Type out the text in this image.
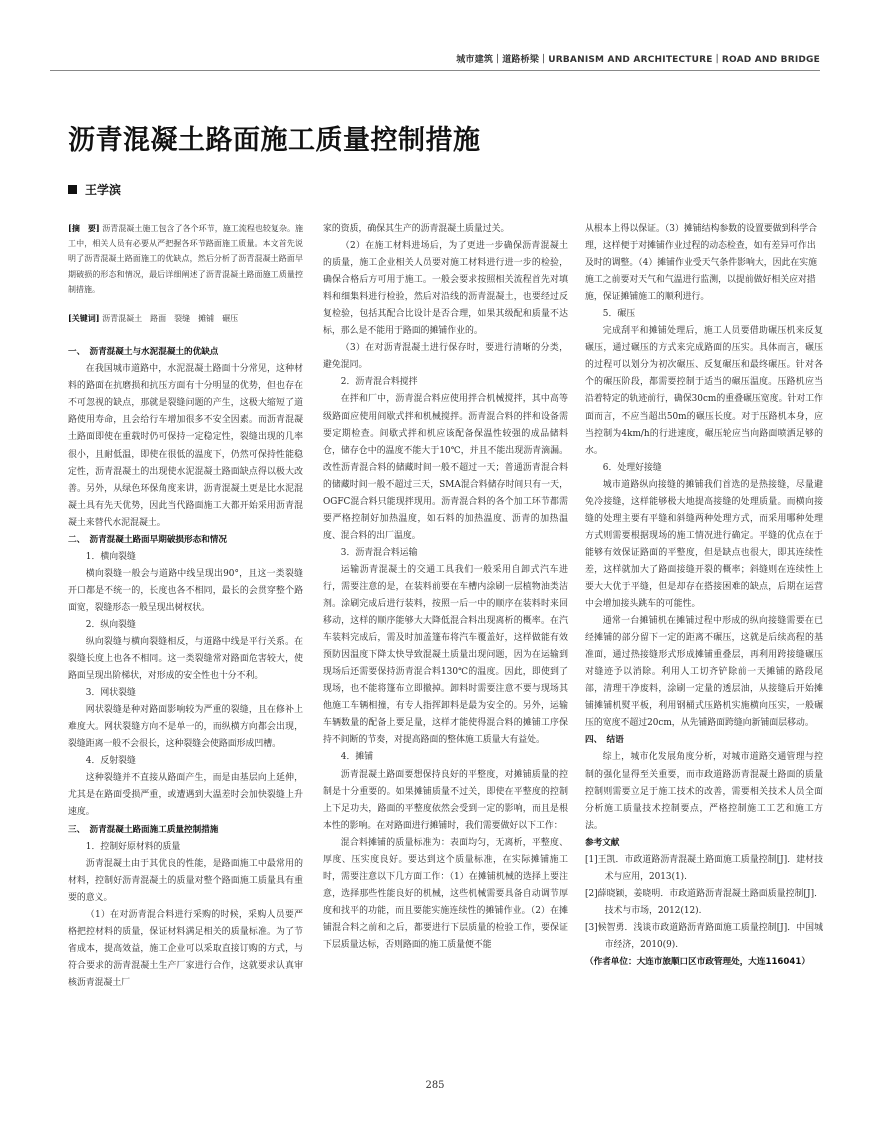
城市建筑｜道路桥梁｜URBANISM AND ARCHITECTURE｜ROAD AND BRIDGE
沥青混凝土路面施工质量控制措施
王学滨
[摘　要] 沥青混凝土施工包含了各个环节，施工流程也较复杂。施工中，相关人员有必要从严把握各环节路面施工质量。本文首先说明了沥青混凝土路面施工的优缺点，然后分析了沥青混凝土路面早期破损的形态和情况，最后详细阐述了沥青混凝土路面施工质量控制措施。
[关键词] 沥青混凝土　路面　裂缝　摊铺　碾压
一、　沥青混凝土与水泥混凝土的优缺点
在我国城市道路中，水泥混凝土路面十分常见，这种材料的路面在抗磨损和抗压方面有十分明显的优势，但也存在不可忽视的缺点，那就是裂缝问题的产生，这极大缩短了道路使用寿命，且会给行车增加很多不安全因素。而沥青混凝土路面即使在重载时仍可保持一定稳定性，裂缝出现的几率很小，且耐低温，即使在很低的温度下，仍然可保持性能稳定性，沥青混凝土的出现使水泥混凝土路面缺点得以极大改善。另外，从绿色环保角度来讲，沥青混凝土更是比水泥混凝土具有先天优势，因此当代路面施工大都开始采用沥青混凝土来替代水泥混凝土。
二、　沥青混凝土路面早期破损形态和情况
1．横向裂缝
横向裂缝一般会与道路中线呈现出90°，且这一类裂缝开口都是不统一的，长度也各不相同，最长的会贯穿整个路面宽，裂缝形态一般呈现出树杈状。
2．纵向裂缝
纵向裂缝与横向裂缝相反，与道路中线是平行关系。在裂缝长度上也各不相同。这一类裂缝常对路面危害较大，使路面呈现出阶梯状，对形成的安全性也十分不利。
3．网状裂缝
网状裂缝是种对路面影响较为严重的裂缝，且在修补上难度大。网状裂缝方向不是单一的，而纵横方向都会出现，裂缝距离一般不会很长，这种裂缝会使路面形成凹槽。
4．反射裂缝
这种裂缝并不直接从路面产生，而是由基层向上延伸，尤其是在路面受损严重，或遭遇到大温差时会加快裂缝上升速度。
三、　沥青混凝土路面施工质量控制措施
1．控制好原材料的质量
沥青混凝土由于其优良的性能，是路面施工中最常用的材料，控制好沥青混凝土的质量对整个路面施工质量具有重要的意义。
（1）在对沥青混合料进行采购的时候，采购人员要严格把控材料的质量，保证材料满足相关的质量标准。为了节省成本，提高效益，施工企业可以采取直接订购的方式，与符合要求的沥青混凝土生产厂家进行合作，这就要求认真审核沥青混凝土厂
家的资质，确保其生产的沥青混凝土质量过关。
（2）在施工材料进场后，为了更进一步确保沥青混凝土的质量，施工企业相关人员要对施工材料进行进一步的检验，确保合格后方可用于施工。一般会要求按照相关流程首先对填料和细集料进行检验，然后对沿线的沥青混凝土，也要经过反复检验，包括其配合比设计是否合理，如果其级配和质量不达标，那么是不能用于路面的摊铺作业的。
（3）在对沥青混凝土进行保存时，要进行清晰的分类，避免混同。
2．沥青混合料搅拌
在拌和厂中，沥青混合料应使用拌合机械搅拌，其中高等级路面应使用间歇式拌和机械搅拌。沥青混合料的拌和设备需要定期检查。间歇式拌和机应该配备保温性较强的成品储料仓，储存仓中的温度不能大于10℃，并且不能出现沥青滴漏。改性沥青混合料的储藏时间一般不超过一天；普通沥青混合料的储藏时间一般不超过三天，SMA混合料储存时间只有一天，OGFC混合料只能现拌现用。沥青混合料的各个加工环节都需要严格控制好加热温度，如石料的加热温度、沥青的加热温度、混合料的出厂温度。
3．沥青混合料运输
运输沥青混凝土的交通工具我们一般采用自卸式汽车进行，需要注意的是，在装料前要在车槽内涂刷一层植物油类洁剂。涂刷完成后进行装料，按照一后一中的顺序在装料时来回移动，这样的顺序能够大大降低混合料出现离析的概率。在汽车装料完成后，需及时加盖篷布将汽车覆盖好，这样做能有效预防因温度下降太快导致混凝土质量出现问题，因为在运输到现场后还需要保持沥青混合料130℃的温度。因此，即使到了现场，也不能将篷布立即撤掉。卸料时需要注意不要与现场其他施工车辆相撞，有专人指挥卸料是最为安全的。另外，运输车辆数量的配备上要足量，这样才能使得混合料的摊铺工序保持不间断的节奏，对提高路面的整体施工质量大有益处。
4．摊铺
沥青混凝土路面要想保持良好的平整度，对摊铺质量的控制是十分重要的。如果摊铺质量不过关，即使在平整度的控制上下足功夫，路面的平整度依然会受到一定的影响，而且是根本性的影响。在对路面进行摊铺时，我们需要做好以下工作：
混合料摊铺的质量标准为：表面均匀，无离析，平整度、厚度、压实度良好。要达到这个质量标准，在实际摊铺施工时，需要注意以下几方面工作：（1）在摊铺机械的选择上要注意，选择那些性能良好的机械，这些机械需要具备自动调节厚度和找平的功能，而且要能实施连续性的摊铺作业。（2）在摊铺混合料之前和之后，都要进行下层质量的检验工作，要保证下层质量达标，否则路面的施工质量便不能
从根本上得以保证。（3）摊铺结构参数的设置要做到科学合理，这样便于对摊铺作业过程的动态检查，如有差异可作出及时的调整。（4）摊铺作业受天气条件影响大，因此在实施施工之前要对天气和气温进行监测，以提前做好相关应对措施，保证摊铺施工的顺利进行。
5．碾压
完成刮平和摊铺处理后，施工人员要借助碾压机来反复碾压，通过碾压的方式来完成路面的压实。具体而言，碾压的过程可以划分为初次碾压、反复碾压和最终碾压。针对各个的碾压阶段，都需要控制于适当的碾压温度。压路机应当沿着特定的轨迹前行，确保30cm的重叠碾压宽度。针对工作面而言，不应当超出50m的碾压长度。对于压路机本身，应当控制为4km/h的行进速度，碾压轮应当向路面喷洒足够的水。
6．处理好接缝
城市道路纵向接缝的摊铺我们首选的是热接缝，尽量避免冷接缝，这样能够极大地提高接缝的处理质量。而横向接缝的处理主要有平缝和斜缝两种处理方式，而采用哪种处理方式则需要根据现场的施工情况进行确定。平缝的优点在于能够有效保证路面的平整度，但是缺点也很大，即其连续性差，这样就加大了路面接缝开裂的概率；斜缝则在连续性上要大大优于平缝，但是却存在搭接困难的缺点，后期在运营中会增加接头跳车的可能性。
通常一台摊铺机在摊铺过程中形成的纵向接缝需要在已经摊铺的部分留下一定的距离不碾压，这就是后续高程的基准面，通过热接缝形式形成摊铺重叠层，再利用跨接缝碾压对缝迹予以消除。利用人工切齐铲除前一天摊铺的路段尾部，清理干净废料，涂刷一定量的透层油，从接缝后开始摊铺摊铺机熨平板，利用钢桶式压路机实施横向压实，一般碾压的宽度不超过20cm，从先铺路面跨缝向新铺面层移动。
四、　结语
综上，城市化发展角度分析，对城市道路交通管理与控制的强化显得至关重要，而市政道路沥青混凝土路面的质量控制则需要立足于施工技术的改善，需要相关技术人员全面分析施工质量技术控制要点，严格控制施工工艺和施工方法。
参考文献
[1]王凯．市政道路沥青混凝土路面施工质量控制[J]．建材技术与应用，2013(1).
[2]薛晓颖，姜晓明．市政道路沥青混凝土路面质量控制[J]．技术与市场，2012(12).
[3]候智勇．浅谈市政道路沥青路面施工质量控制[J]．中国城市经济，2010(9).
（作者单位：大连市旅顺口区市政管理处，大连116041）
285
